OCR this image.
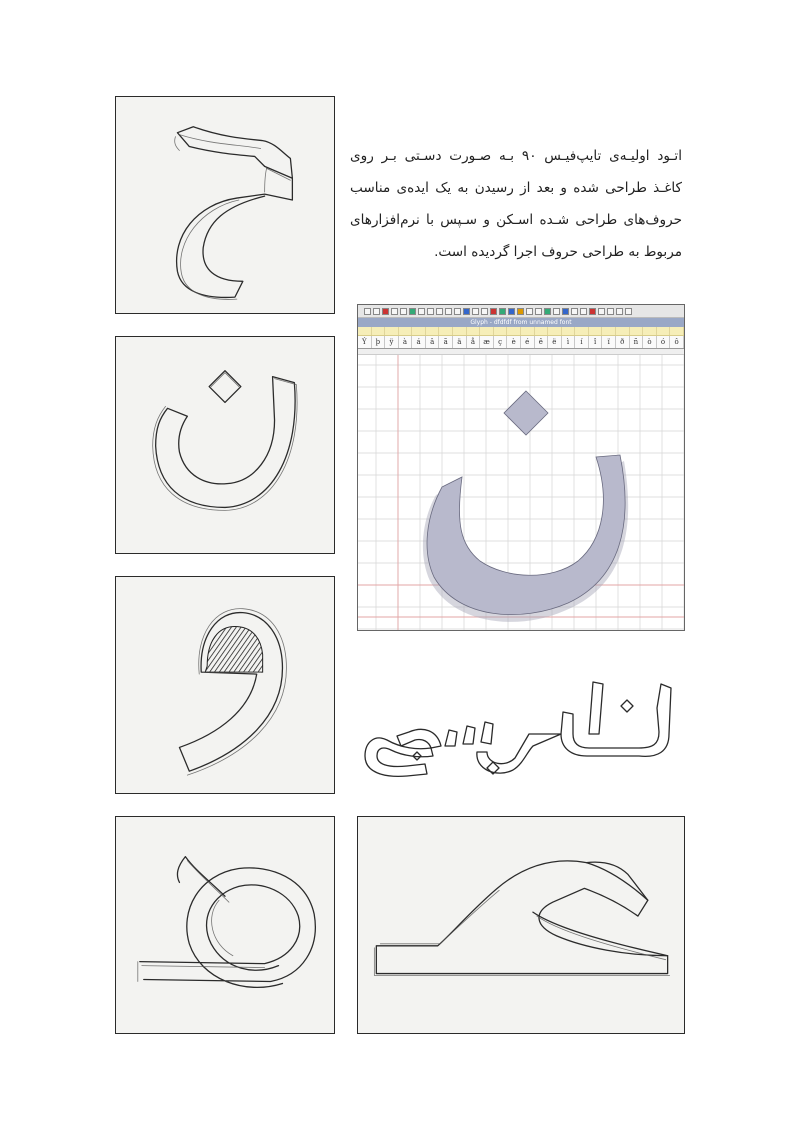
اتـود اولیـه‌ی تایپ‌فیـس ۹۰ بـه صـورت دسـتی بـر روی کاغـذ طراحی شده و بعد از رسیدن به یک ایده‌ی مناسب حروف‌های طراحی شـده اسـکن و سـپس با نرم‌افزارهای مربوط به طراحی حروف اجرا گردیده است.
Glyph - dfdfdf from unnamed font
Ý	þ	ÿ	à	á	â	ã	ä	å	æ	ç	è	é	ê	ë	ì	í	î	ï	ð	ñ	ò	ó	ô
